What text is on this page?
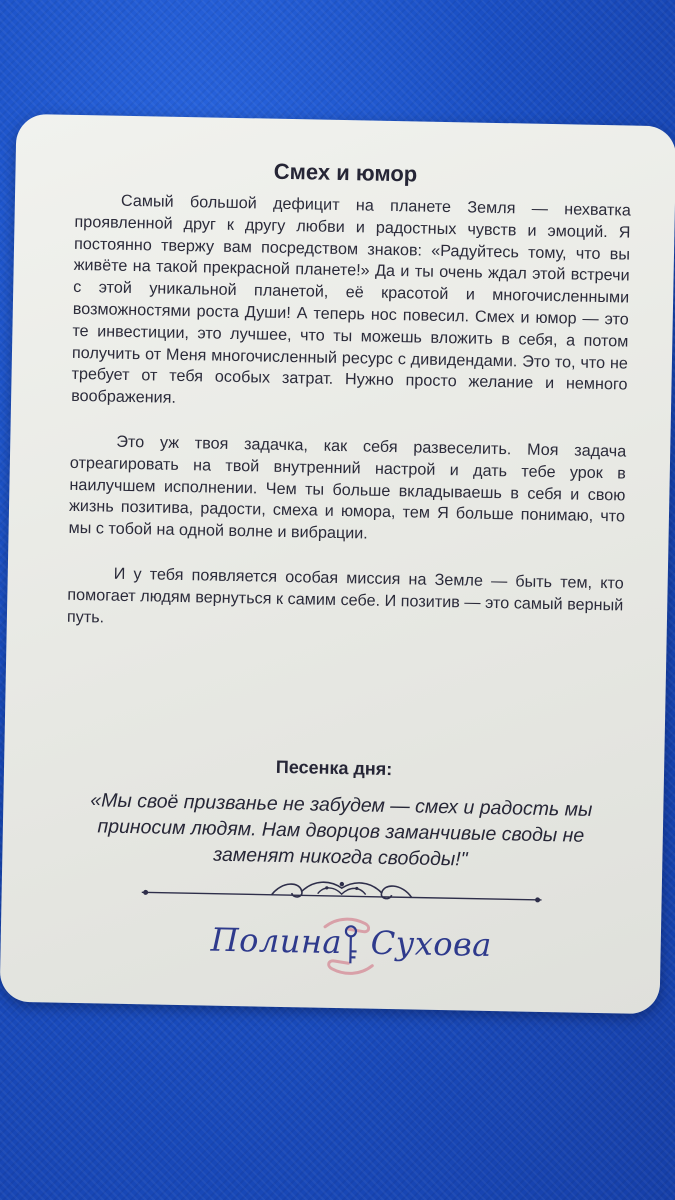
Смех и юмор

Самый большой дефицит на планете Земля — нехватка проявленной друг к другу любви и радостных чувств и эмоций. Я постоянно твержу вам посредством знаков: «Радуйтесь тому, что вы живёте на такой прекрасной планете!» Да и ты очень ждал этой встречи с этой уникальной планетой, её красотой и многочисленными возможностями роста Души! А теперь нос повесил. Смех и юмор — это те инвестиции, это лучшее, что ты можешь вложить в себя, а потом получить от Меня многочисленный ресурс с дивидендами. Это то, что не требует от тебя особых затрат. Нужно просто желание и немного воображения.

Это уж твоя задачка, как себя развеселить. Моя задача отреагировать на твой внутренний настрой и дать тебе урок в наилучшем исполнении. Чем ты больше вкладываешь в себя и свою жизнь позитива, радости, смеха и юмора, тем Я больше понимаю, что мы с тобой на одной волне и вибрации.

И у тебя появляется особая миссия на Земле — быть тем, кто помогает людям вернуться к самим себе. И позитив — это самый верный путь.

Песенка дня:
«Мы своё призванье не забудем — смех и радость мы приносим людям. Нам дворцов заманчивые своды не заменят никогда свободы!"
Полина Сухова
